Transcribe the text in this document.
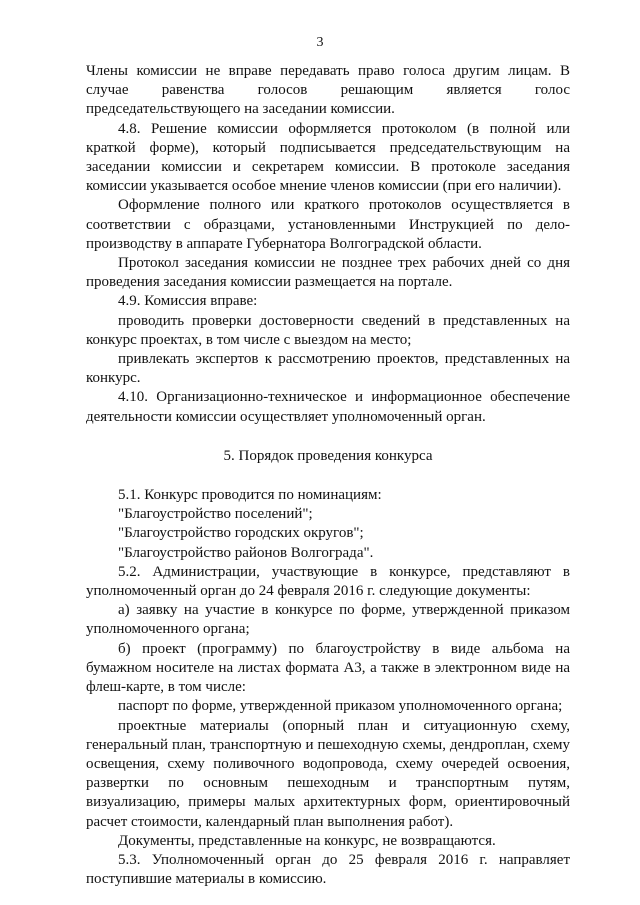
3

Члены комиссии не вправе передавать право голоса другим лицам. В случае равенства голосов решающим является голос председательствующего на заседании комиссии.

4.8. Решение комиссии оформляется протоколом (в полной или краткой форме), который подписывается председательствующим на заседании комиссии и секретарем комиссии. В протоколе заседания комиссии указывается особое мнение членов комиссии (при его наличии).

Оформление полного или краткого протоколов осуществляется в соответствии с образцами, установленными Инструкцией по дело-производству в аппарате Губернатора Волгоградской области.

Протокол заседания комиссии не позднее трех рабочих дней со дня проведения заседания комиссии размещается на портале.

4.9. Комиссия вправе:

проводить проверки достоверности сведений в представленных на конкурс проектах, в том числе с выездом на место;

привлекать экспертов к рассмотрению проектов, представленных на конкурс.

4.10. Организационно-техническое и информационное обеспечение деятельности комиссии осуществляет уполномоченный орган.

5. Порядок проведения конкурса

5.1. Конкурс проводится по номинациям:

"Благоустройство поселений";

"Благоустройство городских округов";

"Благоустройство районов Волгограда".

5.2. Администрации, участвующие в конкурсе, представляют в уполномоченный орган до 24 февраля 2016 г. следующие документы:

а) заявку на участие в конкурсе по форме, утвержденной приказом уполномоченного органа;

б) проект (программу) по благоустройству в виде альбома на бумажном носителе на листах формата А3, а также в электронном виде на флеш-карте, в том числе:

паспорт по форме, утвержденной приказом уполномоченного органа;

проектные материалы (опорный план и ситуационную схему, генеральный план, транспортную и пешеходную схемы, дендроплан, схему освещения, схему поливочного водопровода, схему очередей освоения, развертки по основным пешеходным и транспортным путям, визуализацию, примеры малых архитектурных форм, ориентировочный расчет стоимости, календарный план выполнения работ).

Документы, представленные на конкурс, не возвращаются.

5.3. Уполномоченный орган до 25 февраля 2016 г. направляет поступившие материалы в комиссию.
